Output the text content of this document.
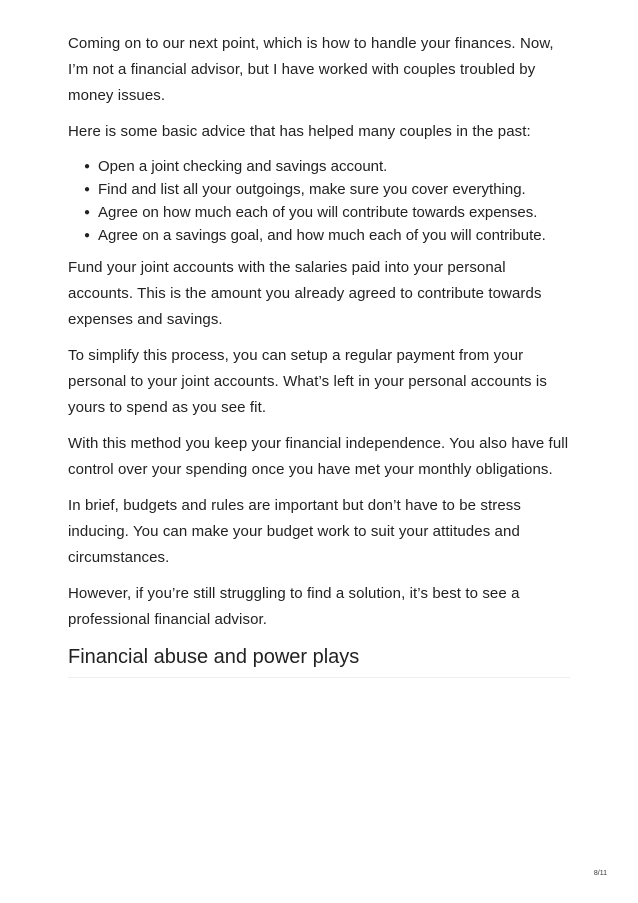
Coming on to our next point, which is how to handle your finances. Now, I’m not a financial advisor, but I have worked with couples troubled by money issues.

Here is some basic advice that has helped many couples in the past:

● Open a joint checking and savings account.
● Find and list all your outgoings, make sure you cover everything.
● Agree on how much each of you will contribute towards expenses.
● Agree on a savings goal, and how much each of you will contribute.

Fund your joint accounts with the salaries paid into your personal accounts. This is the amount you already agreed to contribute towards expenses and savings.

To simplify this process, you can setup a regular payment from your personal to your joint accounts. What’s left in your personal accounts is yours to spend as you see fit.

With this method you keep your financial independence. You also have full control over your spending once you have met your monthly obligations.

In brief, budgets and rules are important but don’t have to be stress inducing. You can make your budget work to suit your attitudes and circumstances.

However, if you’re still struggling to find a solution, it’s best to see a professional financial advisor.

Financial abuse and power plays
8/11
